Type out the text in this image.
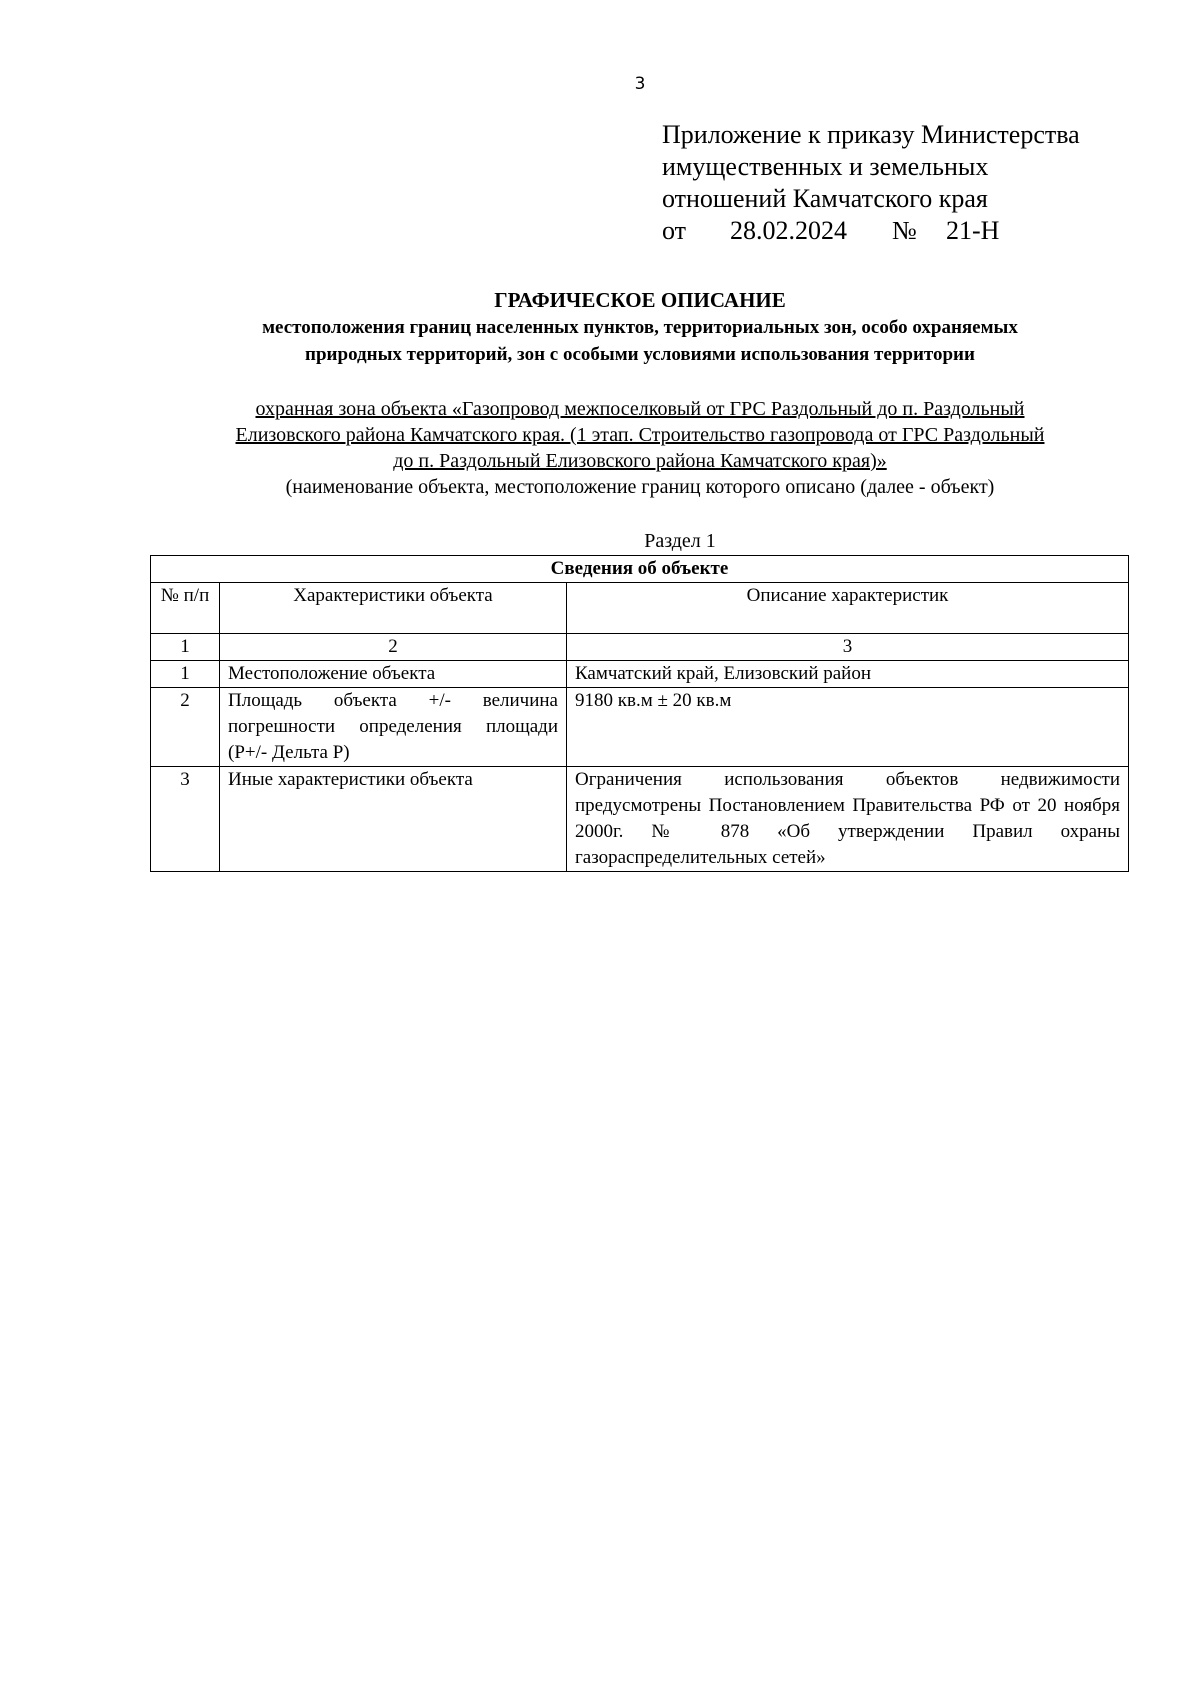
3
Приложение к приказу Министерства
имущественных и земельных
отношений Камчатского края
от 28.02.2024 № 21-Н
ГРАФИЧЕСКОЕ ОПИСАНИЕ
местоположения границ населенных пунктов, территориальных зон, особо охраняемых
природных территорий, зон с особыми условиями использования территории
охранная зона объекта «Газопровод межпоселковый от ГРС Раздольный до п. Раздольный
Елизовского района Камчатского края. (1 этап. Строительство газопровода от ГРС Раздольный
до п. Раздольный Елизовского района Камчатского края)»
(наименование объекта, местоположение границ которого описано (далее - объект)
Раздел 1
Сведения об объекте		
№ п/п	Характеристики объекта	Описание характеристик
1	2	3
1	Местоположение объекта	Камчатский край, Елизовский район
2	Площадь объекта +/- величина погрешности определения площади (Р+/- Дельта Р)	9180 кв.м ± 20 кв.м
3	Иные характеристики объекта	Ограничения использования объектов недвижимости предусмотрены Постановлением Правительства РФ от 20 ноября 2000г. № 878 «Об утверждении Правил охраны газораспределительных сетей»
